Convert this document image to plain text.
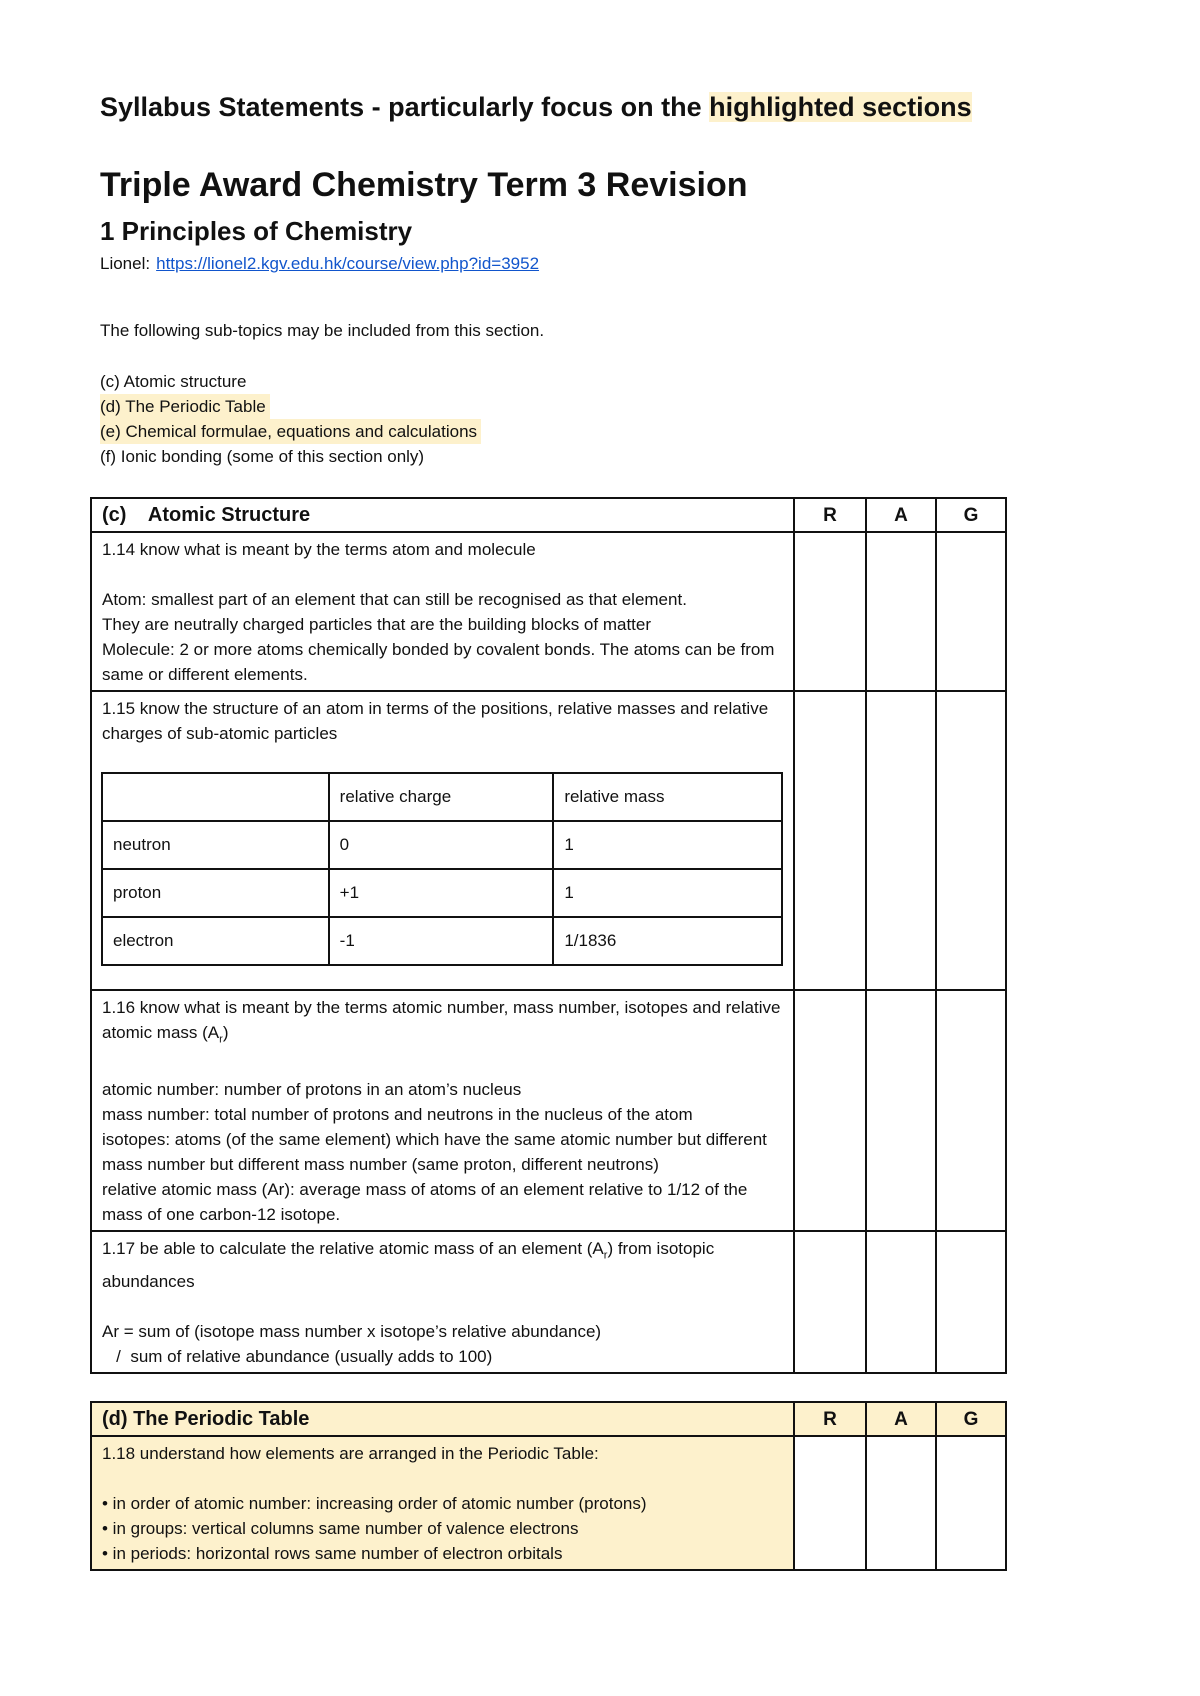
Syllabus Statements - particularly focus on the highlighted sections
Triple Award Chemistry Term 3 Revision
1 Principles of Chemistry
Lionel: https://lionel2.kgv.edu.hk/course/view.php?id=3952
The following sub-topics may be included from this section.
(c) Atomic structure
(d) The Periodic Table
(e) Chemical formulae, equations and calculations
(f) Ionic bonding (some of this section only)
(c)    Atomic Structure	R	A	G

1.14 know what is meant by the terms atom and molecule
Atom: smallest part of an element that can still be recognised as that element.
They are neutrally charged particles that are the building blocks of matter
Molecule: 2 or more atoms chemically bonded by covalent bonds. The atoms can be from same or different elements.

1.15 know the structure of an atom in terms of the positions, relative masses and relative charges of sub-atomic particles
	relative charge	relative mass
neutron	0	1
proton	+1	1
electron	-1	1/1836

1.16 know what is meant by the terms atomic number, mass number, isotopes and relative atomic mass $(A_r)$
atomic number: number of protons in an atom’s nucleus
mass number: total number of protons and neutrons in the nucleus of the atom
isotopes: atoms (of the same element) which have the same atomic number but different mass number but different mass number (same proton, different neutrons)
relative atomic mass (Ar): average mass of atoms of an element relative to 1/12 of the mass of one carbon-12 isotope.

1.17 be able to calculate the relative atomic mass of an element $(A_r)$ from isotopic abundances
Ar = sum of (isotope mass number x isotope’s relative abundance)
/  sum of relative abundance (usually adds to 100)

(d) The Periodic Table	R	A	G

1.18 understand how elements are arranged in the Periodic Table:
• in order of atomic number: increasing order of atomic number (protons)
• in groups: vertical columns same number of valence electrons
• in periods: horizontal rows same number of electron orbitals			
